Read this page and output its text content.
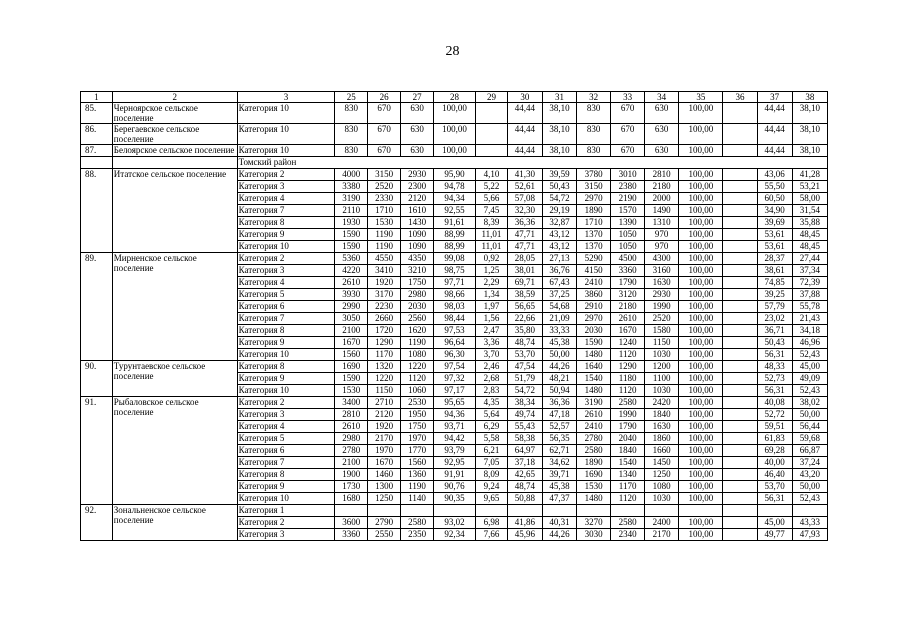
28
1	2	3	25	26	27	28	29	30	31	32	33	34	35	36	37	38
85.	Черноярское сельское поселение	Категория 10	830	670	630	100,00		44,44	38,10	830	670	630	100,00		44,44	38,10
86.	Берегаевское сельское поселение	Категория 10	830	670	630	100,00		44,44	38,10	830	670	630	100,00		44,44	38,10
87.	Белоярское сельское поселение	Категория 10	830	670	630	100,00		44,44	38,10	830	670	630	100,00		44,44	38,10
		Томский район														
88.	Итатское сельское поселение	Категория 2	4000	3150	2930	95,90	4,10	41,30	39,59	3780	3010	2810	100,00		43,06	41,28
		Категория 3	3380	2520	2300	94,78	5,22	52,61	50,43	3150	2380	2180	100,00		55,50	53,21
		Категория 4	3190	2330	2120	94,34	5,66	57,08	54,72	2970	2190	2000	100,00		60,50	58,00
		Категория 7	2110	1710	1610	92,55	7,45	32,30	29,19	1890	1570	1490	100,00		34,90	31,54
		Категория 8	1930	1530	1430	91,61	8,39	36,36	32,87	1710	1390	1310	100,00		39,69	35,88
		Категория 9	1590	1190	1090	88,99	11,01	47,71	43,12	1370	1050	970	100,00		53,61	48,45
		Категория 10	1590	1190	1090	88,99	11,01	47,71	43,12	1370	1050	970	100,00		53,61	48,45
89.	Мирненское сельское поселение	Категория 2	5360	4550	4350	99,08	0,92	28,05	27,13	5290	4500	4300	100,00		28,37	27,44
		Категория 3	4220	3410	3210	98,75	1,25	38,01	36,76	4150	3360	3160	100,00		38,61	37,34
		Категория 4	2610	1920	1750	97,71	2,29	69,71	67,43	2410	1790	1630	100,00		74,85	72,39
		Категория 5	3930	3170	2980	98,66	1,34	38,59	37,25	3860	3120	2930	100,00		39,25	37,88
		Категория 6	2990	2230	2030	98,03	1,97	56,65	54,68	2910	2180	1990	100,00		57,79	55,78
		Категория 7	3050	2660	2560	98,44	1,56	22,66	21,09	2970	2610	2520	100,00		23,02	21,43
		Категория 8	2100	1720	1620	97,53	2,47	35,80	33,33	2030	1670	1580	100,00		36,71	34,18
		Категория 9	1670	1290	1190	96,64	3,36	48,74	45,38	1590	1240	1150	100,00		50,43	46,96
		Категория 10	1560	1170	1080	96,30	3,70	53,70	50,00	1480	1120	1030	100,00		56,31	52,43
90.	Турунтаевское сельское поселение	Категория 8	1690	1320	1220	97,54	2,46	47,54	44,26	1640	1290	1200	100,00		48,33	45,00
		Категория 9	1590	1220	1120	97,32	2,68	51,79	48,21	1540	1180	1100	100,00		52,73	49,09
		Категория 10	1530	1150	1060	97,17	2,83	54,72	50,94	1480	1120	1030	100,00		56,31	52,43
91.	Рыбаловское сельское поселение	Категория 2	3400	2710	2530	95,65	4,35	38,34	36,36	3190	2580	2420	100,00		40,08	38,02
		Категория 3	2810	2120	1950	94,36	5,64	49,74	47,18	2610	1990	1840	100,00		52,72	50,00
		Категория 4	2610	1920	1750	93,71	6,29	55,43	52,57	2410	1790	1630	100,00		59,51	56,44
		Категория 5	2980	2170	1970	94,42	5,58	58,38	56,35	2780	2040	1860	100,00		61,83	59,68
		Категория 6	2780	1970	1770	93,79	6,21	64,97	62,71	2580	1840	1660	100,00		69,28	66,87
		Категория 7	2100	1670	1560	92,95	7,05	37,18	34,62	1890	1540	1450	100,00		40,00	37,24
		Категория 8	1900	1460	1360	91,91	8,09	42,65	39,71	1690	1340	1250	100,00		46,40	43,20
		Категория 9	1730	1300	1190	90,76	9,24	48,74	45,38	1530	1170	1080	100,00		53,70	50,00
		Категория 10	1680	1250	1140	90,35	9,65	50,88	47,37	1480	1120	1030	100,00		56,31	52,43
92.	Зональненское сельское поселение	Категория 1														
		Категория 2	3600	2790	2580	93,02	6,98	41,86	40,31	3270	2580	2400	100,00		45,00	43,33
		Категория 3	3360	2550	2350	92,34	7,66	45,96	44,26	3030	2340	2170	100,00		49,77	47,93
